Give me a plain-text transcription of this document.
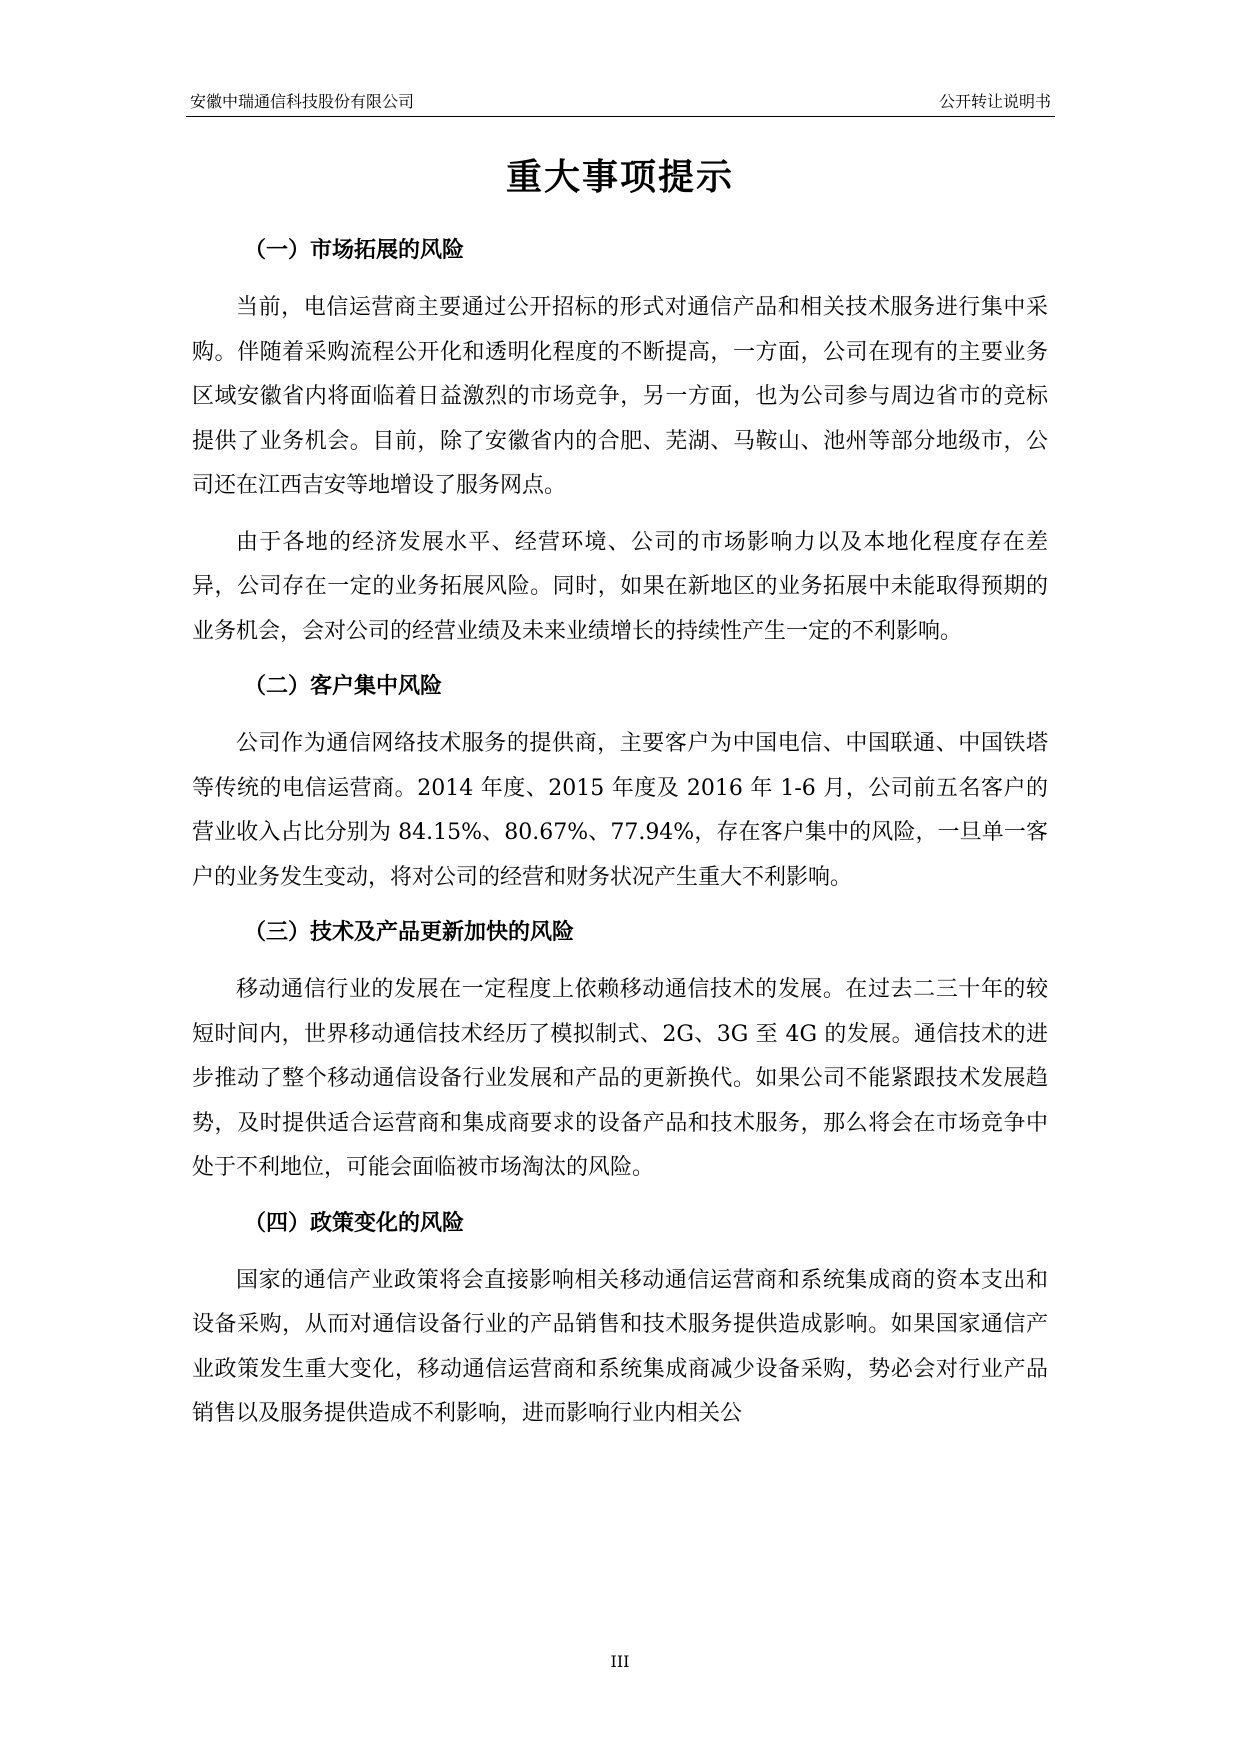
安徽中瑞通信科技股份有限公司	公开转让说明书
重大事项提示
（一）市场拓展的风险

当前，电信运营商主要通过公开招标的形式对通信产品和相关技术服务进行集中采购。伴随着采购流程公开化和透明化程度的不断提高，一方面，公司在现有的主要业务区域安徽省内将面临着日益激烈的市场竞争，另一方面，也为公司参与周边省市的竞标提供了业务机会。目前，除了安徽省内的合肥、芜湖、马鞍山、池州等部分地级市，公司还在江西吉安等地增设了服务网点。

由于各地的经济发展水平、经营环境、公司的市场影响力以及本地化程度存在差异，公司存在一定的业务拓展风险。同时，如果在新地区的业务拓展中未能取得预期的业务机会，会对公司的经营业绩及未来业绩增长的持续性产生一定的不利影响。

（二）客户集中风险

公司作为通信网络技术服务的提供商，主要客户为中国电信、中国联通、中国铁塔等传统的电信运营商。2014 年度、2015 年度及 2016 年 1-6 月，公司前五名客户的营业收入占比分别为 84.15%、80.67%、77.94%，存在客户集中的风险，一旦单一客户的业务发生变动，将对公司的经营和财务状况产生重大不利影响。

（三）技术及产品更新加快的风险

移动通信行业的发展在一定程度上依赖移动通信技术的发展。在过去二三十年的较短时间内，世界移动通信技术经历了模拟制式、2G、3G 至 4G 的发展。通信技术的进步推动了整个移动通信设备行业发展和产品的更新换代。如果公司不能紧跟技术发展趋势，及时提供适合运营商和集成商要求的设备产品和技术服务，那么将会在市场竞争中处于不利地位，可能会面临被市场淘汰的风险。

（四）政策变化的风险

国家的通信产业政策将会直接影响相关移动通信运营商和系统集成商的资本支出和设备采购，从而对通信设备行业的产品销售和技术服务提供造成影响。如果国家通信产业政策发生重大变化，移动通信运营商和系统集成商减少设备采购，势必会对行业产品销售以及服务提供造成不利影响，进而影响行业内相关公

III
